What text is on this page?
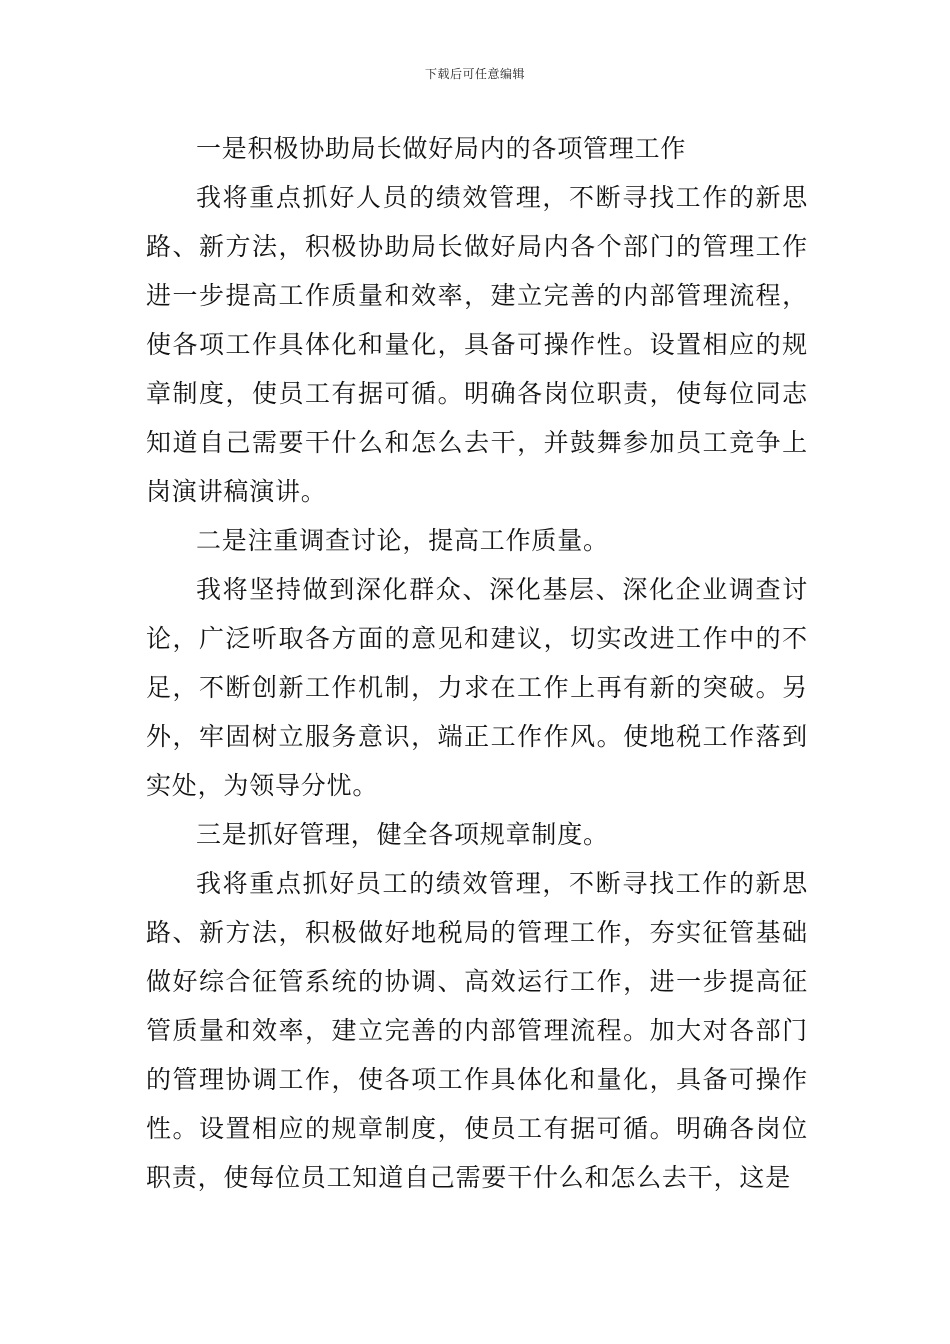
下载后可任意编辑

一是积极协助局长做好局内的各项管理工作

我将重点抓好人员的绩效管理，不断寻找工作的新思路、新方法，积极协助局长做好局内各个部门的管理工作进一步提高工作质量和效率，建立完善的内部管理流程，使各项工作具体化和量化，具备可操作性。设置相应的规章制度，使员工有据可循。明确各岗位职责，使每位同志知道自己需要干什么和怎么去干，并鼓舞参加员工竞争上岗演讲稿演讲。

二是注重调查讨论，提高工作质量。

我将坚持做到深化群众、深化基层、深化企业调查讨论，广泛听取各方面的意见和建议，切实改进工作中的不足，不断创新工作机制，力求在工作上再有新的突破。另外，牢固树立服务意识，端正工作作风。使地税工作落到实处，为领导分忧。

三是抓好管理，健全各项规章制度。

我将重点抓好员工的绩效管理，不断寻找工作的新思路、新方法，积极做好地税局的管理工作，夯实征管基础做好综合征管系统的协调、高效运行工作，进一步提高征管质量和效率，建立完善的内部管理流程。加大对各部门的管理协调工作，使各项工作具体化和量化，具备可操作性。设置相应的规章制度，使员工有据可循。明确各岗位职责，使每位员工知道自己需要干什么和怎么去干，这是
